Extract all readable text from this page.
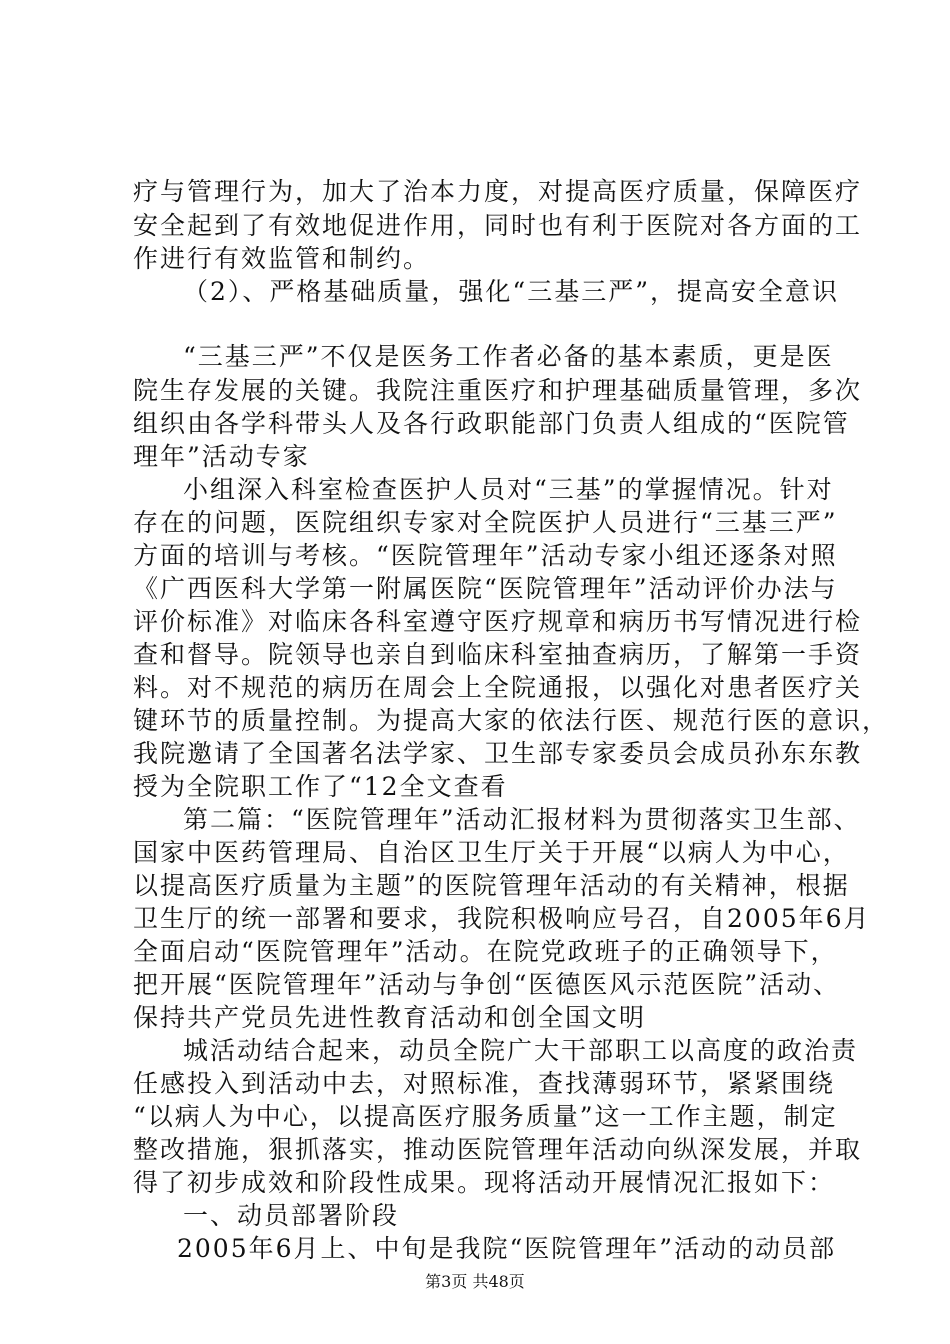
疗与管理行为，加大了治本力度，对提高医疗质量，保障医疗
安全起到了有效地促进作用，同时也有利于医院对各方面的工
作进行有效监管和制约。
（2）、严格基础质量，强化“三基三严”，提高安全意识
“三基三严”不仅是医务工作者必备的基本素质，更是医
院生存发展的关键。我院注重医疗和护理基础质量管理，多次
组织由各学科带头人及各行政职能部门负责人组成的“医院管
理年”活动专家
小组深入科室检查医护人员对“三基”的掌握情况。针对
存在的问题，医院组织专家对全院医护人员进行“三基三严”
方面的培训与考核。“医院管理年”活动专家小组还逐条对照
《广西医科大学第一附属医院“医院管理年”活动评价办法与
评价标准》对临床各科室遵守医疗规章和病历书写情况进行检
查和督导。院领导也亲自到临床科室抽查病历，了解第一手资
料。对不规范的病历在周会上全院通报，以强化对患者医疗关
键环节的质量控制。为提高大家的依法行医、规范行医的意识，
我院邀请了全国著名法学家、卫生部专家委员会成员孙东东教
授为全院职工作了“12全文查看
第二篇：“医院管理年”活动汇报材料为贯彻落实卫生部、
国家中医药管理局、自治区卫生厅关于开展“以病人为中心，
以提高医疗质量为主题”的医院管理年活动的有关精神，根据
卫生厅的统一部署和要求，我院积极响应号召，自2005年6月
全面启动“医院管理年”活动。在院党政班子的正确领导下，
把开展“医院管理年”活动与争创“医德医风示范医院”活动、
保持共产党员先进性教育活动和创全国文明
城活动结合起来，动员全院广大干部职工以高度的政治责
任感投入到活动中去，对照标准，查找薄弱环节，紧紧围绕
“以病人为中心，以提高医疗服务质量”这一工作主题，制定
整改措施，狠抓落实，推动医院管理年活动向纵深发展，并取
得了初步成效和阶段性成果。现将活动开展情况汇报如下：
一、动员部署阶段
2005年6月上、中旬是我院“医院管理年”活动的动员部
第3页 共48页
